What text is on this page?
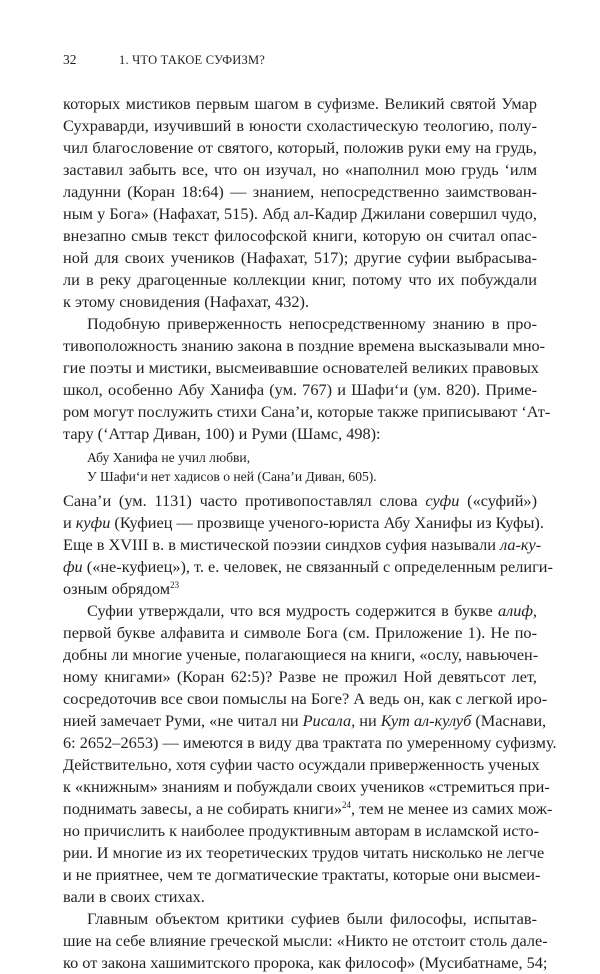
32	1. ЧТО ТАКОЕ СУФИЗМ?
которых мистиков первым шагом в суфизме. Великий святой Умар
Сухраварди, изучивший в юности схоластическую теологию, полу-
чил благословение от святого, который, положив руки ему на грудь,
заставил забыть все, что он изучал, но «наполнил мою грудь ‘илм
ладунни (Коран 18:64) — знанием, непосредственно заимствован-
ным у Бога» (Нафахат, 515). Абд ал-Кадир Джилани совершил чудо,
внезапно смыв текст философской книги, которую он считал опас-
ной для своих учеников (Нафахат, 517); другие суфии выбрасыва-
ли в реку драгоценные коллекции книг, потому что их побуждали
к этому сновидения (Нафахат, 432).
Подобную приверженность непосредственному знанию в про-
тивоположность знанию закона в поздние времена высказывали мно-
гие поэты и мистики, высмеивавшие основателей великих правовых
школ, особенно Абу Ханифа (ум. 767) и Шафи‘и (ум. 820). Приме-
ром могут послужить стихи Сана’и, которые также приписывают ‘Ат-
тару (‘Аттар Диван, 100) и Руми (Шамс, 498):
Абу Ханифа не учил любви,
У Шафи‘и нет хадисов о ней (Сана’и Диван, 605).
Сана’и (ум. 1131) часто противопоставлял слова суфи («суфий»)
и куфи (Куфиец — прозвище ученого-юриста Абу Ханифы из Куфы).
Еще в XVIII в. в мистической поэзии синдхов суфия называли ла-ку-
фи («не-куфиец»), т. е. человек, не связанный с определенным религи-
озным обрядом$^{23}$
Суфии утверждали, что вся мудрость содержится в букве алиф,
первой букве алфавита и символе Бога (см. Приложение 1). Не по-
добны ли многие ученые, полагающиеся на книги, «ослу, навьючен-
ному книгами» (Коран 62:5)? Разве не прожил Ной девятьсот лет,
сосредоточив все свои помыслы на Боге? А ведь он, как с легкой иро-
нией замечает Руми, «не читал ни Рисала, ни Кут ал-кулуб (Маснави,
6: 2652–2653) — имеются в виду два трактата по умеренному суфизму.
Действительно, хотя суфии часто осуждали приверженность ученых
к «книжным» знаниям и побуждали своих учеников «стремиться при-
поднимать завесы, а не собирать книги»$^{24}$, тем не менее из самих мож-
но причислить к наиболее продуктивным авторам в исламской исто-
рии. И многие из их теоретических трудов читать нисколько не легче
и не приятнее, чем те догматические трактаты, которые они высмеи-
вали в своих стихах.
Главным объектом критики суфиев были философы, испытав-
шие на себе влияние греческой мысли: «Никто не отстоит столь дале-
ко от закона хашимитского пророка, как философ» (Мусибатнаме, 54;
